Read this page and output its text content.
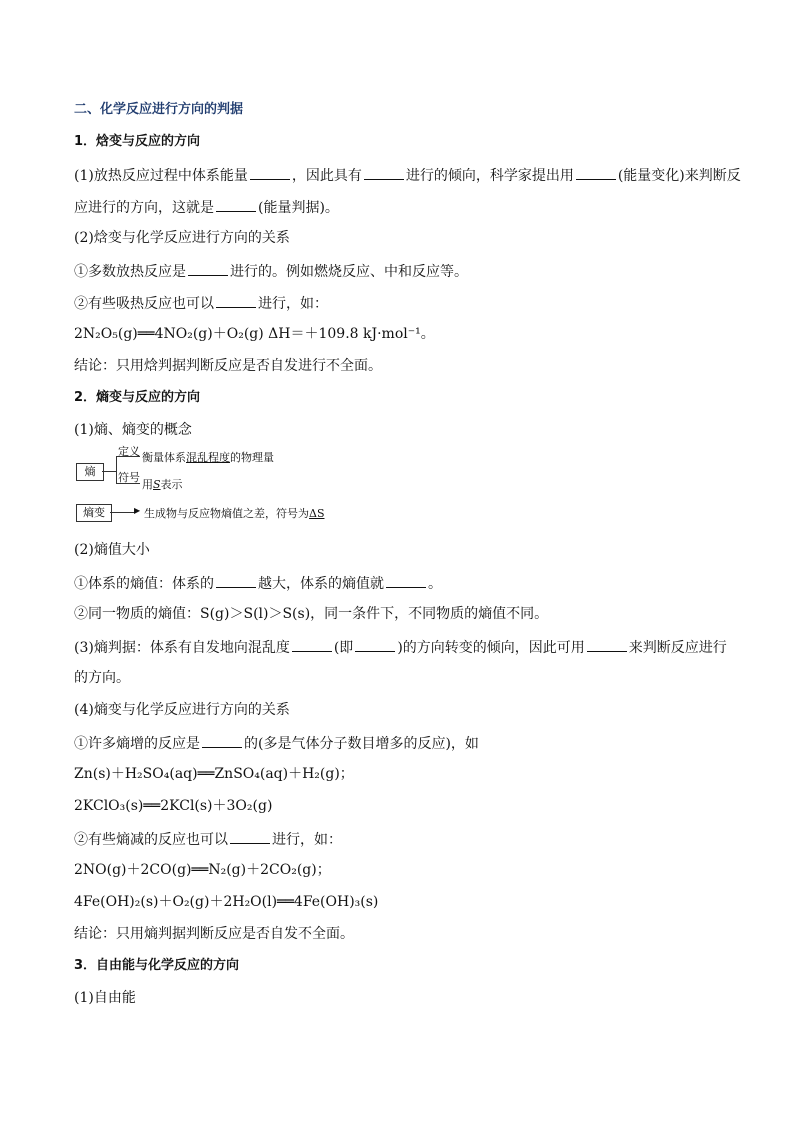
二、化学反应进行方向的判据
1．焓变与反应的方向
(1)放热反应过程中体系能量	，因此具有	进行的倾向，科学家提出用	(能量变化)来判断反
应进行的方向，这就是	(能量判据)。
(2)焓变与化学反应进行方向的关系
①多数放热反应是	进行的。例如燃烧反应、中和反应等。
②有些吸热反应也可以	进行，如：
2N₂O₅(g)══4NO₂(g)＋O₂(g) ΔH＝＋109.8 kJ·mol⁻¹。
结论：只用焓判据判断反应是否自发进行不全面。
2．熵变与反应的方向
(1)熵、熵变的概念
熵
定义 衡量体系混乱程度的物理量
符号
用S表示
熵变	▶ 生成物与反应物熵值之差，符号为ΔS
(2)熵值大小
①体系的熵值：体系的	越大，体系的熵值就	。
②同一物质的熵值：S(g)＞S(l)＞S(s)，同一条件下，不同物质的熵值不同。
(3)熵判据：体系有自发地向混乱度	(即	)的方向转变的倾向，因此可用	来判断反应进行
的方向。
(4)熵变与化学反应进行方向的关系
①许多熵增的反应是	的(多是气体分子数目增多的反应)，如
Zn(s)＋H₂SO₄(aq)══ZnSO₄(aq)＋H₂(g)；
2KClO₃(s)══2KCl(s)＋3O₂(g)
②有些熵减的反应也可以	进行，如：
2NO(g)＋2CO(g)══N₂(g)＋2CO₂(g)；
4Fe(OH)₂(s)＋O₂(g)＋2H₂O(l)══4Fe(OH)₃(s)
结论：只用熵判据判断反应是否自发不全面。
3．自由能与化学反应的方向
(1)自由能
